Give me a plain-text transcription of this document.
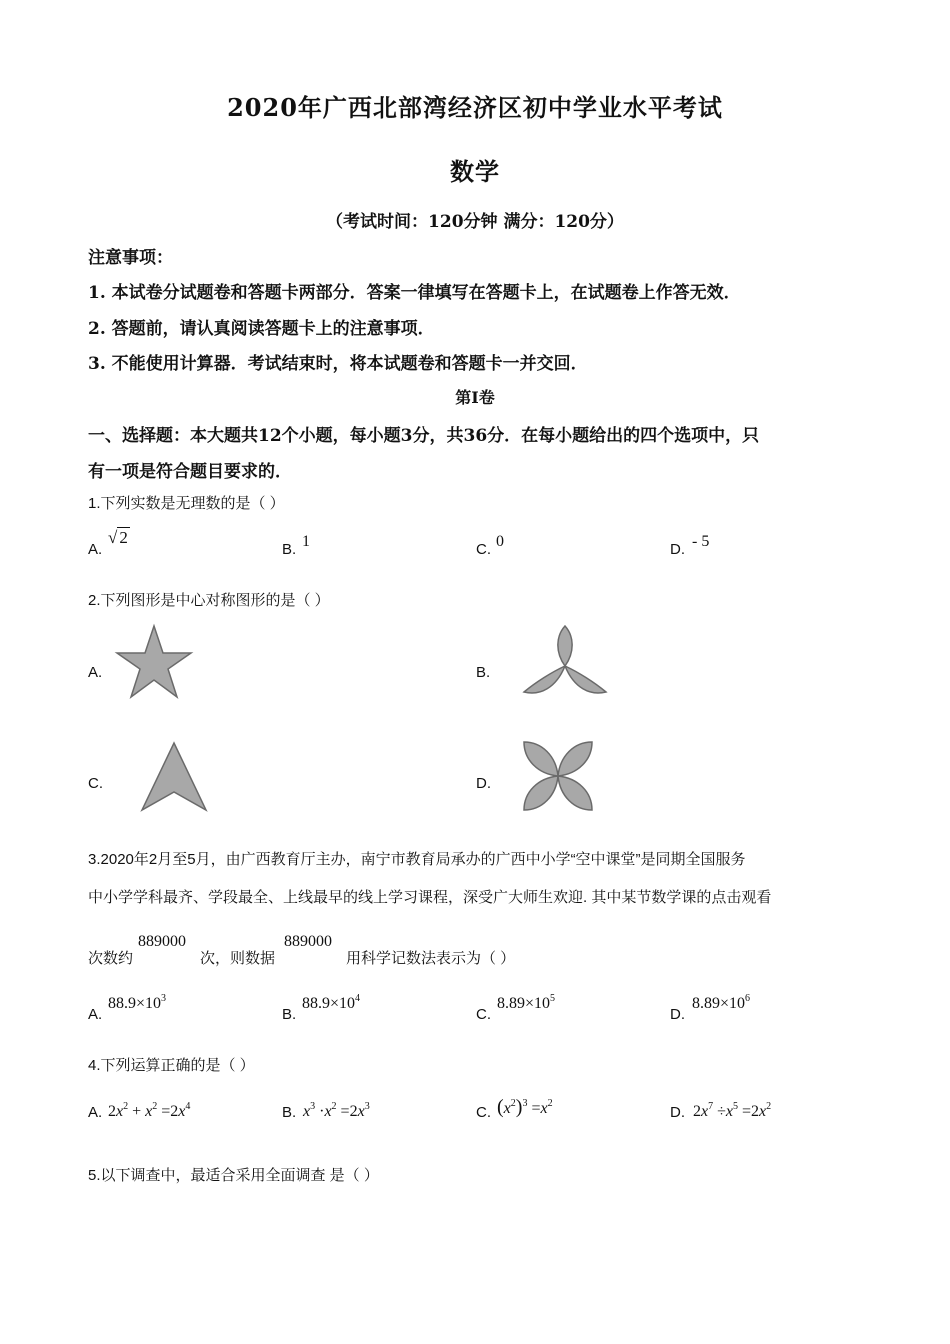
2020年广西北部湾经济区初中学业水平考试
数学
（考试时间：120分钟 满分：120分）
注意事项：
1. 本试卷分试题卷和答题卡两部分．答案一律填写在答题卡上，在试题卷上作答无效．
2. 答题前，请认真阅读答题卡上的注意事项．
3. 不能使用计算器．考试结束时，将本试题卷和答题卡一并交回．
第I卷
一、选择题：本大题共12个小题，每小题3分，共36分．在每小题给出的四个选项中，只
有一项是符合题目要求的．
1.下列实数是无理数的是（ ）
A.
√ 2
B. 1	C. 0	D. - 5
2.下列图形是中心对称图形的是（ ）
A.	B.
C.	D.
3.2020年2月至5月，由广西教育厅主办，南宁市教育局承办的广西中小学“空中课堂”是同期全国服务
中小学学科最齐、学段最全、上线最早的线上学习课程，深受广大师生欢迎. 其中某节数学课的点击观看
次数约
889000
次，则数据
889000
用科学记数法表示为（ ）
A.
$88.9\times 10^3$
B.
$88.9\times 10^4$
C.
$8.89\times 10^5$
D.
$8.89\times 10^6$
4.下列运算正确的是（ ）
A. $2x^2 + x^2 =2x^4$	B. $x^3 \cdot x^2 =2x^3$	C. $(x^2)^3 =x^2$
D. $2x^7 \div x^5 =2x^2$
5.以下调查中，最适合采用全面调查 是（ ）
